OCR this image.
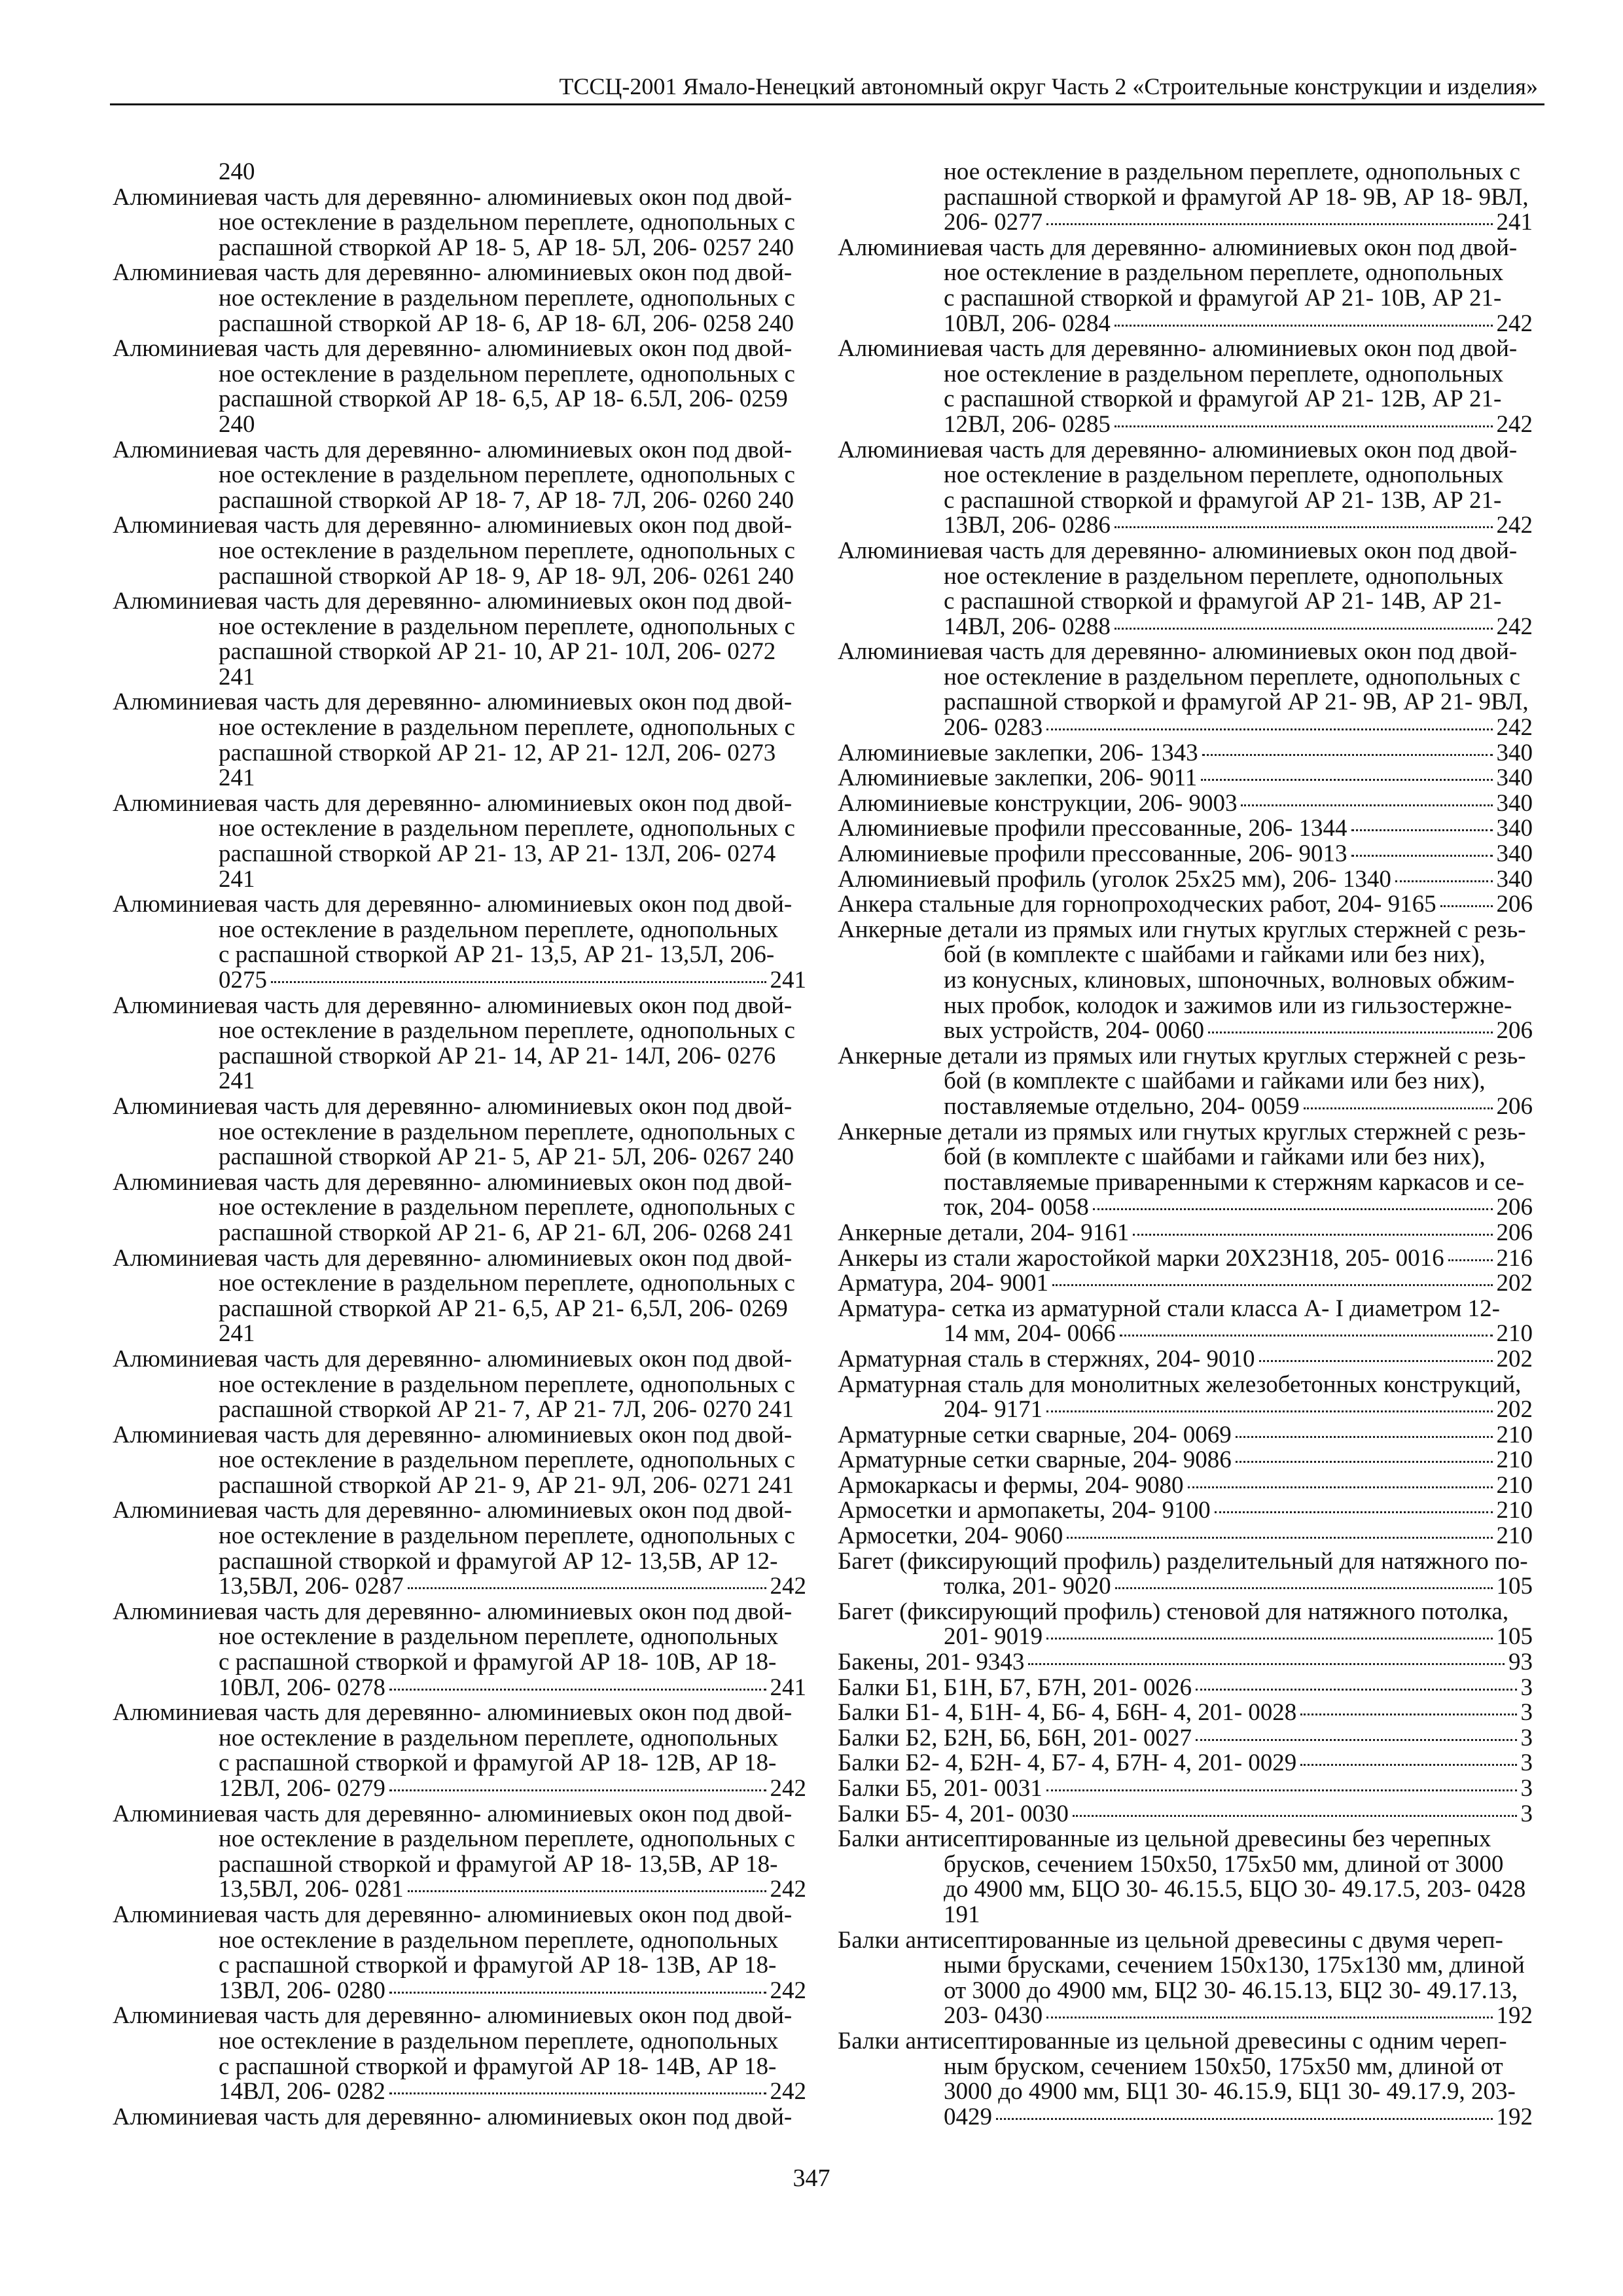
ТССЦ-2001 Ямало-Ненецкий автономный округ Часть 2 «Строительные конструкции и изделия»
240
Алюминиевая часть для деревянно- алюминиевых окон под двой-
ное остекление в раздельном переплете, однопольных с
распашной створкой АР 18- 5, АР 18- 5Л, 206- 0257 240
Алюминиевая часть для деревянно- алюминиевых окон под двой-
ное остекление в раздельном переплете, однопольных с
распашной створкой АР 18- 6, АР 18- 6Л, 206- 0258 240
Алюминиевая часть для деревянно- алюминиевых окон под двой-
ное остекление в раздельном переплете, однопольных с
распашной створкой АР 18- 6,5, АР 18- 6.5Л, 206- 0259
240
Алюминиевая часть для деревянно- алюминиевых окон под двой-
ное остекление в раздельном переплете, однопольных с
распашной створкой АР 18- 7, АР 18- 7Л, 206- 0260 240
Алюминиевая часть для деревянно- алюминиевых окон под двой-
ное остекление в раздельном переплете, однопольных с
распашной створкой АР 18- 9, АР 18- 9Л, 206- 0261 240
Алюминиевая часть для деревянно- алюминиевых окон под двой-
ное остекление в раздельном переплете, однопольных с
распашной створкой АР 21- 10, АР 21- 10Л, 206- 0272
241
Алюминиевая часть для деревянно- алюминиевых окон под двой-
ное остекление в раздельном переплете, однопольных с
распашной створкой АР 21- 12, АР 21- 12Л, 206- 0273
241
Алюминиевая часть для деревянно- алюминиевых окон под двой-
ное остекление в раздельном переплете, однопольных с
распашной створкой АР 21- 13, АР 21- 13Л, 206- 0274
241
Алюминиевая часть для деревянно- алюминиевых окон под двой-
ное остекление в раздельном переплете, однопольных
с распашной створкой АР 21- 13,5, АР 21- 13,5Л, 206-
0275	241
Алюминиевая часть для деревянно- алюминиевых окон под двой-
ное остекление в раздельном переплете, однопольных с
распашной створкой АР 21- 14, АР 21- 14Л, 206- 0276
241
Алюминиевая часть для деревянно- алюминиевых окон под двой-
ное остекление в раздельном переплете, однопольных с
распашной створкой АР 21- 5, АР 21- 5Л, 206- 0267 240
Алюминиевая часть для деревянно- алюминиевых окон под двой-
ное остекление в раздельном переплете, однопольных с
распашной створкой АР 21- 6, АР 21- 6Л, 206- 0268 241
Алюминиевая часть для деревянно- алюминиевых окон под двой-
ное остекление в раздельном переплете, однопольных с
распашной створкой АР 21- 6,5, АР 21- 6,5Л, 206- 0269
241
Алюминиевая часть для деревянно- алюминиевых окон под двой-
ное остекление в раздельном переплете, однопольных с
распашной створкой АР 21- 7, АР 21- 7Л, 206- 0270 241
Алюминиевая часть для деревянно- алюминиевых окон под двой-
ное остекление в раздельном переплете, однопольных с
распашной створкой АР 21- 9, АР 21- 9Л, 206- 0271 241
Алюминиевая часть для деревянно- алюминиевых окон под двой-
ное остекление в раздельном переплете, однопольных с
распашной створкой и фрамугой АР 12- 13,5В, АР 12-
13,5ВЛ, 206- 0287	242
Алюминиевая часть для деревянно- алюминиевых окон под двой-
ное остекление в раздельном переплете, однопольных
с распашной створкой и фрамугой АР 18- 10В, АР 18-
10ВЛ, 206- 0278	241
Алюминиевая часть для деревянно- алюминиевых окон под двой-
ное остекление в раздельном переплете, однопольных
с распашной створкой и фрамугой АР 18- 12В, АР 18-
12ВЛ, 206- 0279	242
Алюминиевая часть для деревянно- алюминиевых окон под двой-
ное остекление в раздельном переплете, однопольных с
распашной створкой и фрамугой АР 18- 13,5В, АР 18-
13,5ВЛ, 206- 0281	242
Алюминиевая часть для деревянно- алюминиевых окон под двой-
ное остекление в раздельном переплете, однопольных
с распашной створкой и фрамугой АР 18- 13В, АР 18-
13ВЛ, 206- 0280	242
Алюминиевая часть для деревянно- алюминиевых окон под двой-
ное остекление в раздельном переплете, однопольных
с распашной створкой и фрамугой АР 18- 14В, АР 18-
14ВЛ, 206- 0282	242
Алюминиевая часть для деревянно- алюминиевых окон под двой-
ное остекление в раздельном переплете, однопольных с
распашной створкой и фрамугой АР 18- 9В, АР 18- 9ВЛ,
206- 0277	241
Алюминиевая часть для деревянно- алюминиевых окон под двой-
ное остекление в раздельном переплете, однопольных
с распашной створкой и фрамугой АР 21- 10В, АР 21-
10ВЛ, 206- 0284	242
Алюминиевая часть для деревянно- алюминиевых окон под двой-
ное остекление в раздельном переплете, однопольных
с распашной створкой и фрамугой АР 21- 12В, АР 21-
12ВЛ, 206- 0285	242
Алюминиевая часть для деревянно- алюминиевых окон под двой-
ное остекление в раздельном переплете, однопольных
с распашной створкой и фрамугой АР 21- 13В, АР 21-
13ВЛ, 206- 0286	242
Алюминиевая часть для деревянно- алюминиевых окон под двой-
ное остекление в раздельном переплете, однопольных
с распашной створкой и фрамугой АР 21- 14В, АР 21-
14ВЛ, 206- 0288	242
Алюминиевая часть для деревянно- алюминиевых окон под двой-
ное остекление в раздельном переплете, однопольных с
распашной створкой и фрамугой АР 21- 9В, АР 21- 9ВЛ,
206- 0283	242
Алюминиевые заклепки, 206- 1343	340
Алюминиевые заклепки, 206- 9011	340
Алюминиевые конструкции, 206- 9003	340
Алюминиевые профили прессованные, 206- 1344	340
Алюминиевые профили прессованные, 206- 9013	340
Алюминиевый профиль (уголок 25х25 мм), 206- 1340	340
Анкера стальные для горнопроходческих работ, 204- 9165 206
Анкерные детали из прямых или гнутых круглых стержней с резь-
бой (в комплекте с шайбами и гайками или без них),
из конусных, клиновых, шпоночных, волновых обжим-
ных пробок, колодок и зажимов или из гильзостержне-
вых устройств, 204- 0060	206
Анкерные детали из прямых или гнутых круглых стержней с резь-
бой (в комплекте с шайбами и гайками или без них),
поставляемые отдельно, 204- 0059	206
Анкерные детали из прямых или гнутых круглых стержней с резь-
бой (в комплекте с шайбами и гайками или без них),
поставляемые приваренными к стержням каркасов и се-
ток, 204- 0058	206
Анкерные детали, 204- 9161	206
Анкеры из стали жаростойкой марки 20Х23Н18, 205- 0016 216
Арматура, 204- 9001	202
Арматура- сетка из арматурной стали класса А- I диаметром 12-
14 мм, 204- 0066	210
Арматурная сталь в стержнях, 204- 9010	202
Арматурная сталь для монолитных железобетонных конструкций,
204- 9171	202
Арматурные сетки сварные, 204- 0069	210
Арматурные сетки сварные, 204- 9086	210
Армокаркасы и фермы, 204- 9080	210
Армосетки и армопакеты, 204- 9100	210
Армосетки, 204- 9060	210
Багет (фиксирующий профиль) разделительный для натяжного по-
толка, 201- 9020	105
Багет (фиксирующий профиль) стеновой для натяжного потолка,
201- 9019	105
Бакены, 201- 9343	93
Балки Б1, Б1Н, Б7, Б7Н, 201- 0026	3
Балки Б1- 4, Б1Н- 4, Б6- 4, Б6Н- 4, 201- 0028	3
Балки Б2, Б2Н, Б6, Б6Н, 201- 0027	3
Балки Б2- 4, Б2Н- 4, Б7- 4, Б7Н- 4, 201- 0029	3
Балки Б5, 201- 0031	3
Балки Б5- 4, 201- 0030	3
Балки антисептированные из цельной древесины без черепных
брусков, сечением 150х50, 175х50 мм, длиной от 3000
до 4900 мм, БЦО 30- 46.15.5, БЦО 30- 49.17.5, 203- 0428
191
Балки антисептированные из цельной древесины с двумя череп-
ными брусками, сечением 150х130, 175х130 мм, длиной
от 3000 до 4900 мм, БЦ2 30- 46.15.13, БЦ2 30- 49.17.13,
203- 0430	192
Балки антисептированные из цельной древесины с одним череп-
ным бруском, сечением 150х50, 175х50 мм, длиной от
3000 до 4900 мм, БЦ1 30- 46.15.9, БЦ1 30- 49.17.9, 203-
0429	192
347
